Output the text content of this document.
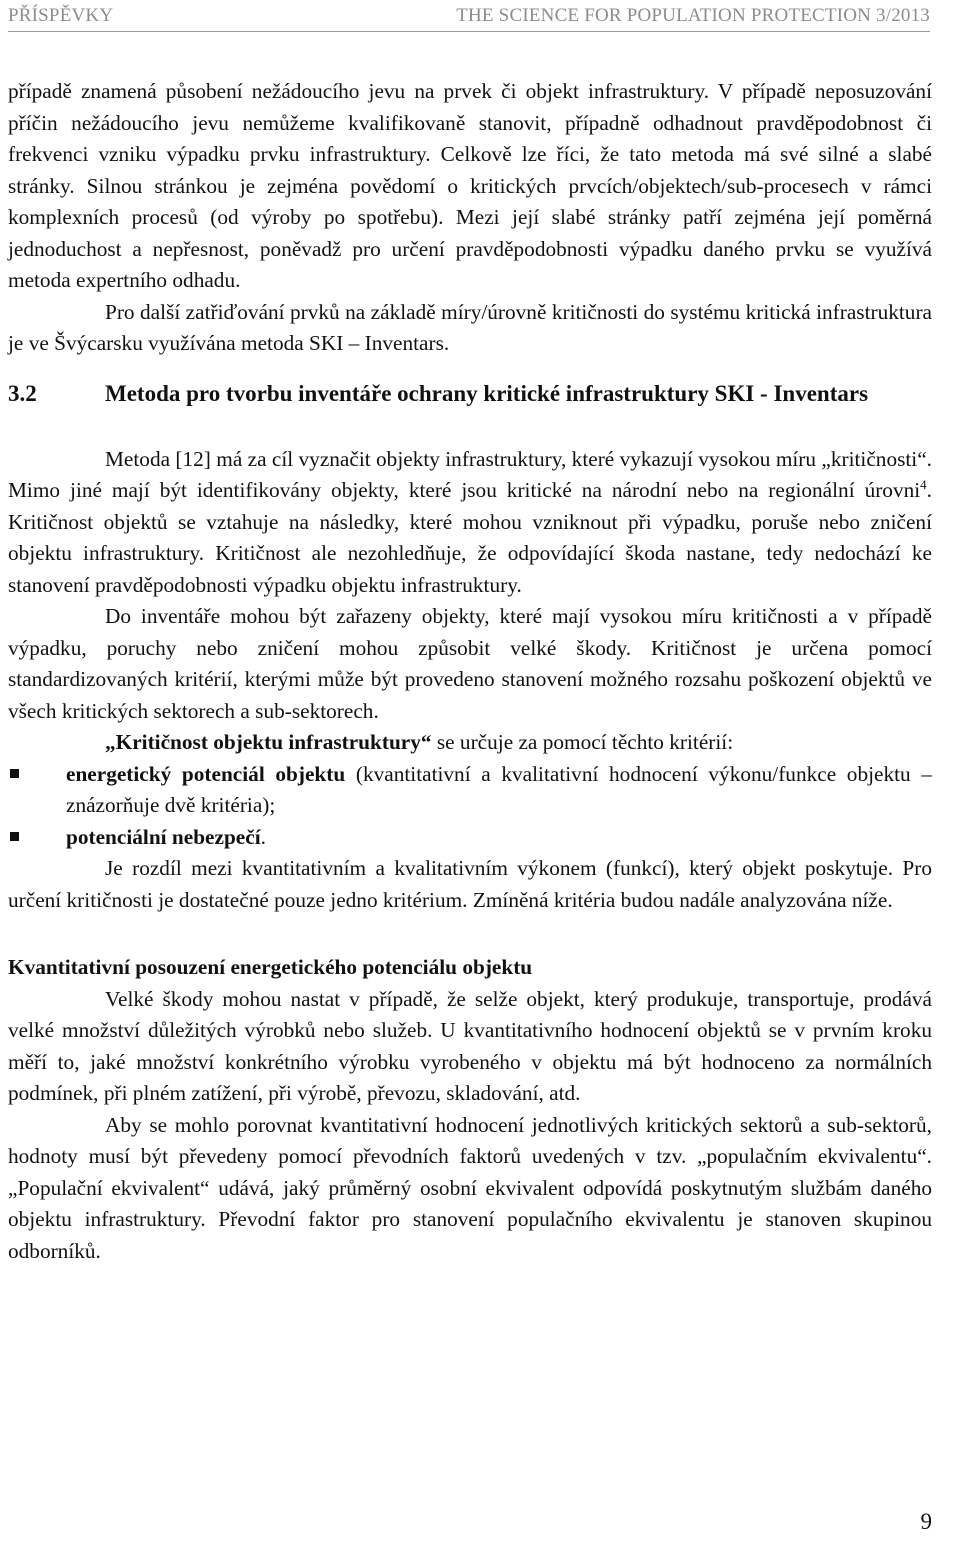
PŘÍSPĚVKY	THE SCIENCE FOR POPULATION PROTECTION 3/2013

případě znamená působení nežádoucího jevu na prvek či objekt infrastruktury. V případě neposuzování příčin nežádoucího jevu nemůžeme kvalifikovaně stanovit, případně odhadnout pravděpodobnost či frekvenci vzniku výpadku prvku infrastruktury. Celkově lze říci, že tato metoda má své silné a slabé stránky. Silnou stránkou je zejména povědomí o kritických prvcích/objektech/sub-procesech v rámci komplexních procesů (od výroby po spotřebu). Mezi její slabé stránky patří zejména její poměrná jednoduchost a nepřesnost, poněvadž pro určení pravděpodobnosti výpadku daného prvku se využívá metoda expertního odhadu.

Pro další zatřiďování prvků na základě míry/úrovně kritičnosti do systému kritická infrastruktura je ve Švýcarsku využívána metoda SKI – Inventars.

3.2	Metoda pro tvorbu inventáře ochrany kritické infrastruktury SKI - Inventars

Metoda [12] má za cíl vyznačit objekty infrastruktury, které vykazují vysokou míru „kritičnosti“. Mimo jiné mají být identifikovány objekty, které jsou kritické na národní nebo na regionální úrovni$^4$. Kritičnost objektů se vztahuje na následky, které mohou vzniknout při výpadku, poruše nebo zničení objektu infrastruktury. Kritičnost ale nezohledňuje, že odpovídající škoda nastane, tedy nedochází ke stanovení pravděpodobnosti výpadku objektu infrastruktury.

Do inventáře mohou být zařazeny objekty, které mají vysokou míru kritičnosti a v případě výpadku, poruchy nebo zničení mohou způsobit velké škody. Kritičnost je určena pomocí standardizovaných kritérií, kterými může být provedeno stanovení možného rozsahu poškození objektů ve všech kritických sektorech a sub-sektorech.

„Kritičnost objektu infrastruktury“ se určuje za pomocí těchto kritérií:

energetický potenciál objektu (kvantitativní a kvalitativní hodnocení výkonu/funkce objektu – znázorňuje dvě kritéria);
potenciální nebezpečí.

Je rozdíl mezi kvantitativním a kvalitativním výkonem (funkcí), který objekt poskytuje. Pro určení kritičnosti je dostatečné pouze jedno kritérium. Zmíněná kritéria budou nadále analyzována níže.

Kvantitativní posouzení energetického potenciálu objektu

Velké škody mohou nastat v případě, že selže objekt, který produkuje, transportuje, prodává velké množství důležitých výrobků nebo služeb. U kvantitativního hodnocení objektů se v prvním kroku měří to, jaké množství konkrétního výrobku vyrobeného v objektu má být hodnoceno za normálních podmínek, při plném zatížení, při výrobě, převozu, skladování, atd.

Aby se mohlo porovnat kvantitativní hodnocení jednotlivých kritických sektorů a sub-sektorů, hodnoty musí být převedeny pomocí převodních faktorů uvedených v tzv. „populačním ekvivalentu“. „Populační ekvivalent“ udává, jaký průměrný osobní ekvivalent odpovídá poskytnutým službám daného objektu infrastruktury. Převodní faktor pro stanovení populačního ekvivalentu je stanoven skupinou odborníků.

9
